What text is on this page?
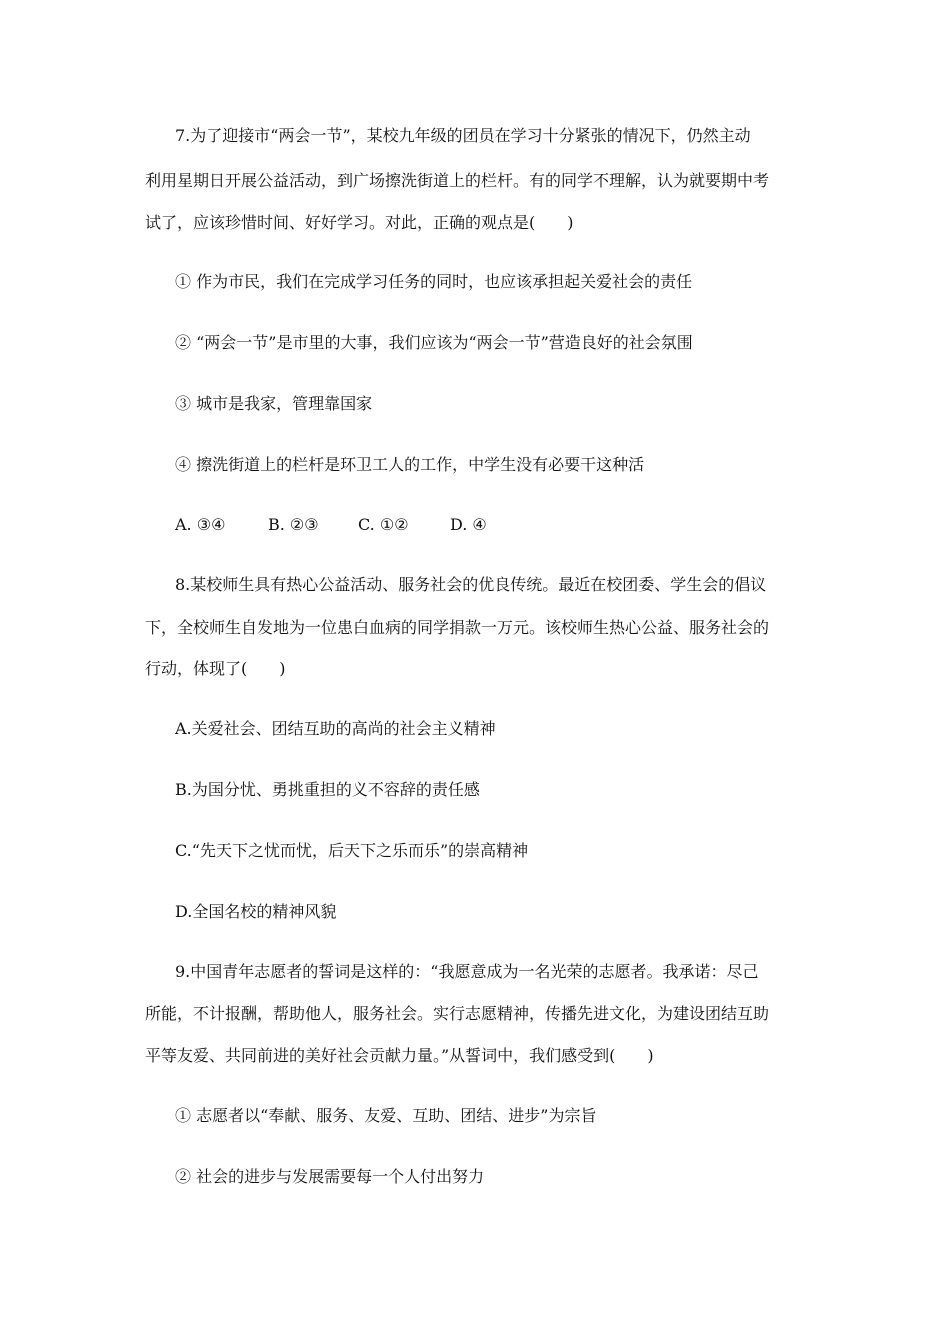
7.为了迎接市“两会一节”，某校九年级的团员在学习十分紧张的情况下，仍然主动
利用星期日开展公益活动，到广场擦洗街道上的栏杆。有的同学不理解，认为就要期中考
试了，应该珍惜时间、好好学习。对此，正确的观点是(　　)
① 作为市民，我们在完成学习任务的同时，也应该承担起关爱社会的责任
② “两会一节”是市里的大事，我们应该为“两会一节”营造良好的社会氛围
③ 城市是我家，管理靠国家
④ 擦洗街道上的栏杆是环卫工人的工作，中学生没有必要干这种活
A. ③④	B. ②③ C. ①②	D. ④
8.某校师生具有热心公益活动、服务社会的优良传统。最近在校团委、学生会的倡议
下，全校师生自发地为一位患白血病的同学捐款一万元。该校师生热心公益、服务社会的
行动，体现了(　　)
A.关爱社会、团结互助的高尚的社会主义精神
B.为国分忧、勇挑重担的义不容辞的责任感
C.“先天下之忧而忧，后天下之乐而乐”的崇高精神
D.全国名校的精神风貌
9.中国青年志愿者的誓词是这样的：“我愿意成为一名光荣的志愿者。我承诺：尽己
所能，不计报酬，帮助他人，服务社会。实行志愿精神，传播先进文化，为建设团结互助
平等友爱、共同前进的美好社会贡献力量。”从誓词中，我们感受到(　　)
① 志愿者以“奉献、服务、友爱、互助、团结、进步”为宗旨
② 社会的进步与发展需要每一个人付出努力
